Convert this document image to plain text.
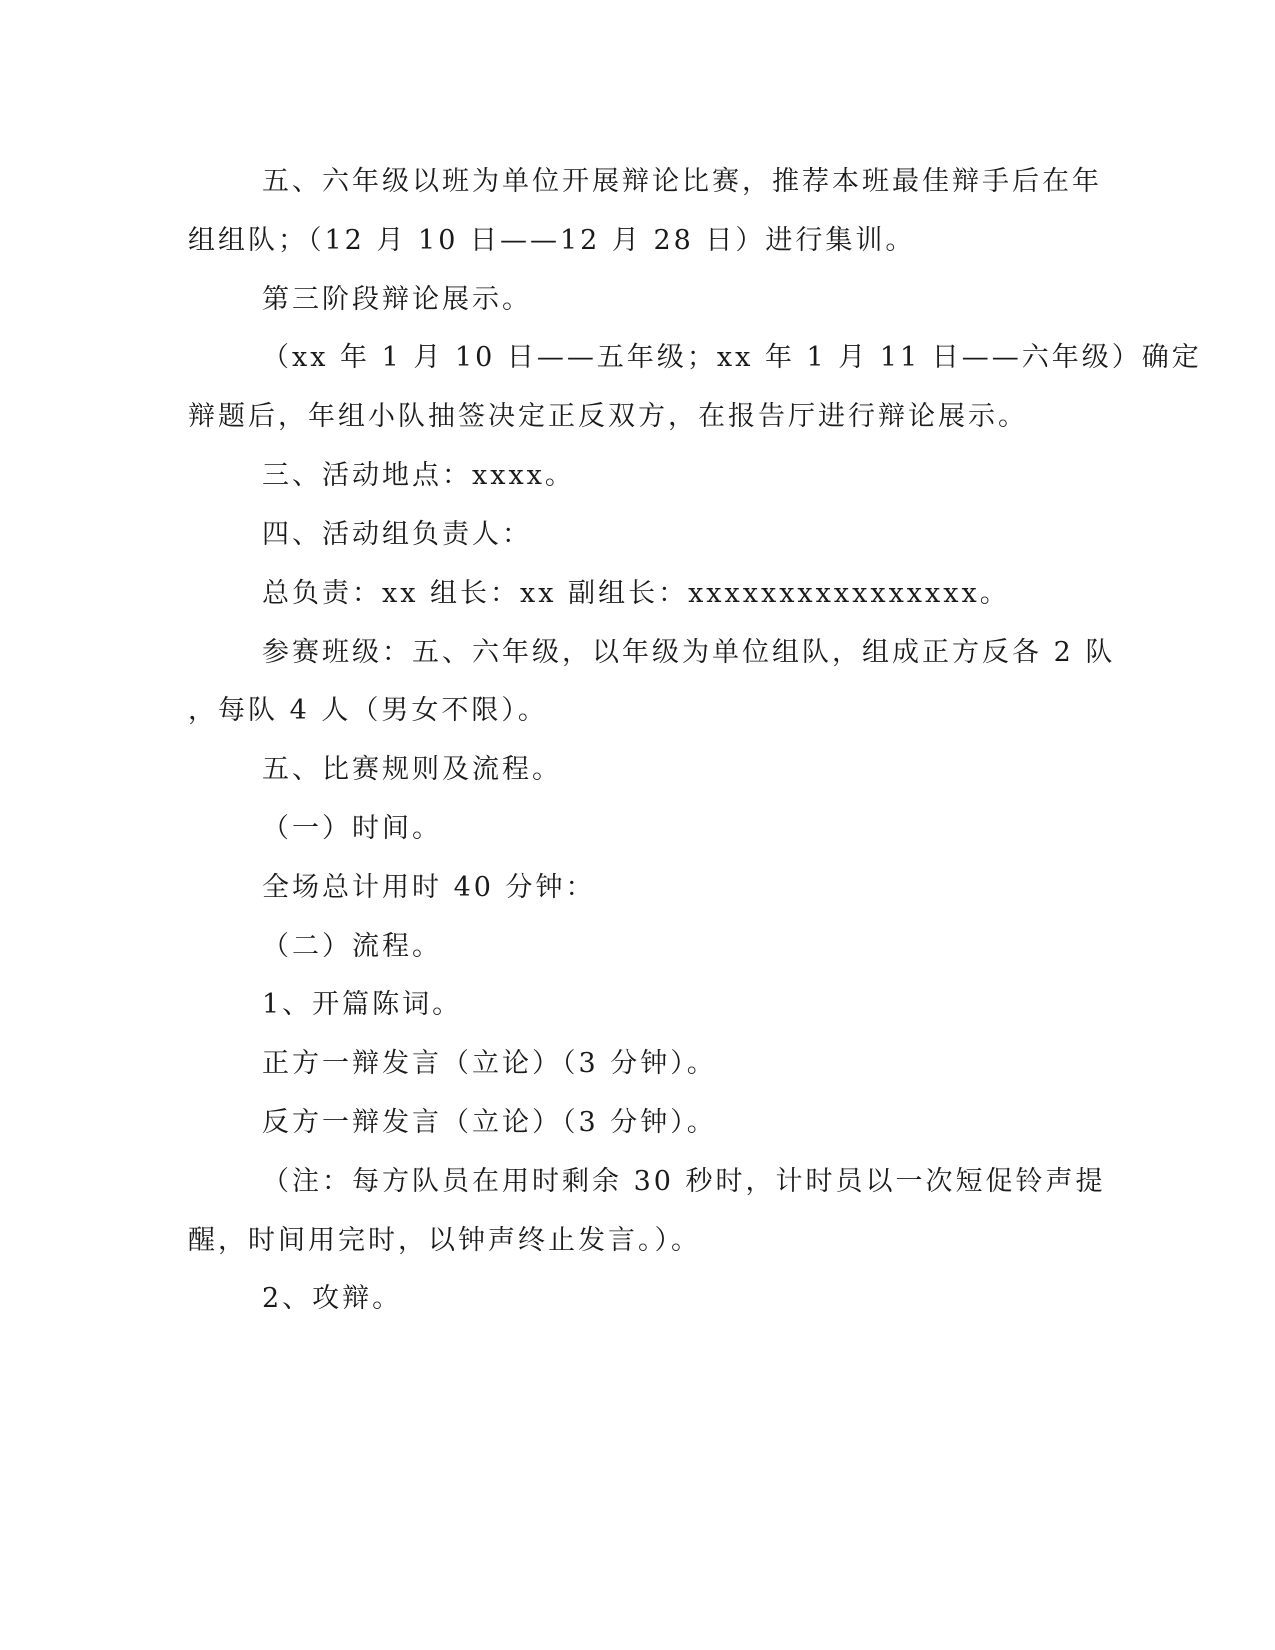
五、六年级以班为单位开展辩论比赛，推荐本班最佳辩手后在年
组组队；（12 月 10 日——12 月 28 日）进行集训。
第三阶段辩论展示。
（xx 年 1 月 10 日——五年级；xx 年 1 月 11 日——六年级）确定
辩题后，年组小队抽签决定正反双方，在报告厅进行辩论展示。
三、活动地点：xxxx。
四、活动组负责人：
总负责：xx 组长：xx 副组长：xxxxxxxxxxxxxxxx。
参赛班级：五、六年级，以年级为单位组队，组成正方反各 2 队
，每队 4 人（男女不限）。
五、比赛规则及流程。
（一）时间。
全场总计用时 40 分钟：
（二）流程。
1、开篇陈词。
正方一辩发言（立论）（3 分钟）。
反方一辩发言（立论）（3 分钟）。
（注：每方队员在用时剩余 30 秒时，计时员以一次短促铃声提
醒，时间用完时，以钟声终止发言。）。
2、攻辩。
